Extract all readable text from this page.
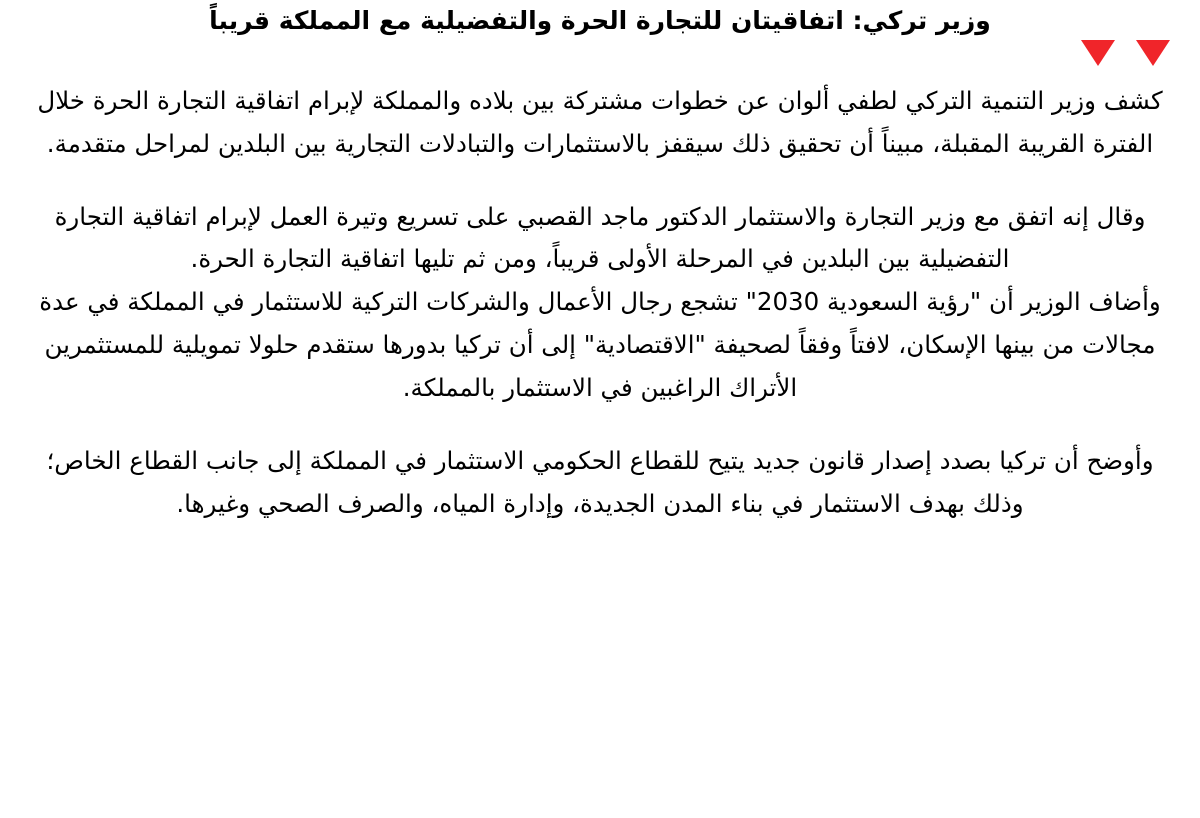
وزير تركي: اتفاقيتان للتجارة الحرة والتفضيلية مع المملكة قريباً

كشف وزير التنمية التركي لطفي ألوان عن خطوات مشتركة بين بلاده والمملكة لإبرام اتفاقية التجارة الحرة خلال الفترة القريبة المقبلة، مبيناً أن تحقيق ذلك سيقفز بالاستثمارات والتبادلات التجارية بين البلدين لمراحل متقدمة.

وقال إنه اتفق مع وزير التجارة والاستثمار الدكتور ماجد القصبي على تسريع وتيرة العمل لإبرام اتفاقية التجارة التفضيلية بين البلدين في المرحلة الأولى قريباً، ومن ثم تليها اتفاقية التجارة الحرة.

وأضاف الوزير أن "رؤية السعودية 2030" تشجع رجال الأعمال والشركات التركية للاستثمار في المملكة في عدة مجالات من بينها الإسكان، لافتاً وفقاً لصحيفة "الاقتصادية" إلى أن تركيا بدورها ستقدم حلولا تمويلية للمستثمرين الأتراك الراغبين في الاستثمار بالمملكة.

وأوضح أن تركيا بصدد إصدار قانون جديد يتيح للقطاع الحكومي الاستثمار في المملكة إلى جانب القطاع الخاص؛ وذلك بهدف الاستثمار في بناء المدن الجديدة، وإدارة المياه، والصرف الصحي وغيرها.
